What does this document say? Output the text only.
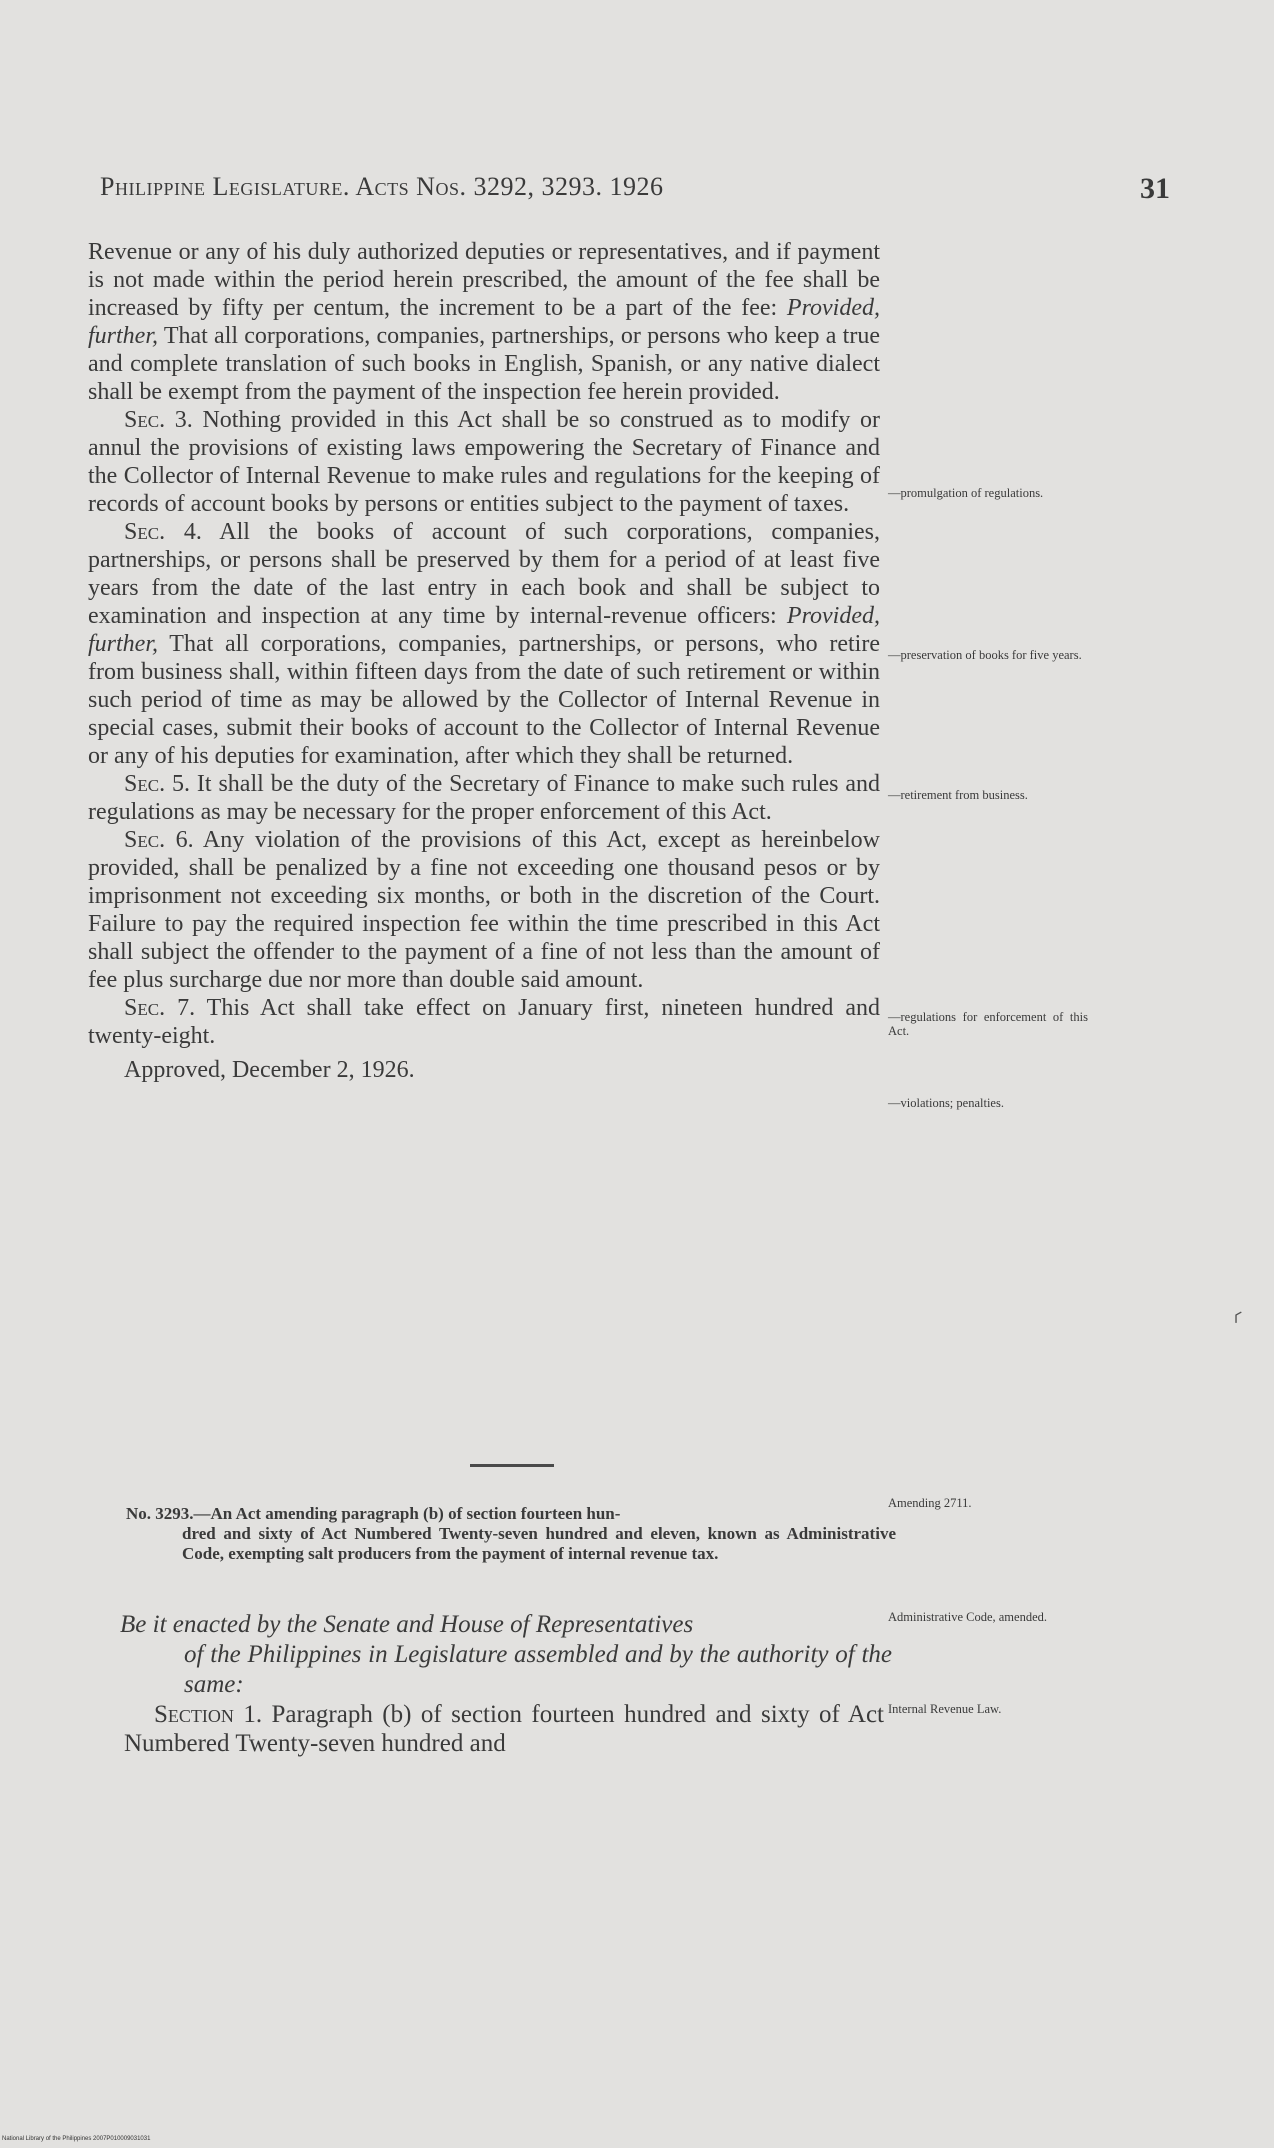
Philippine Legislature. Acts Nos. 3292, 3293. 1926	31

Revenue or any of his duly authorized deputies or representatives, and if payment is not made within the period herein prescribed, the amount of the fee shall be increased by fifty per centum, the increment to be a part of the fee: Provided, further, That all corporations, companies, partnerships, or persons who keep a true and complete translation of such books in English, Spanish, or any native dialect shall be exempt from the payment of the inspection fee herein provided.

Sec. 3. Nothing provided in this Act shall be so construed as to modify or annul the provisions of existing laws empowering the Secretary of Finance and the Collector of Internal Revenue to make rules and regulations for the keeping of records of account books by persons or entities subject to the payment of taxes.

Sec. 4. All the books of account of such corporations, companies, partnerships, or persons shall be preserved by them for a period of at least five years from the date of the last entry in each book and shall be subject to examination and inspection at any time by internal-revenue officers: Provided, further, That all corporations, companies, partnerships, or persons, who retire from business shall, within fifteen days from the date of such retirement or within such period of time as may be allowed by the Collector of Internal Revenue in special cases, submit their books of account to the Collector of Internal Revenue or any of his deputies for examination, after which they shall be returned.

Sec. 5. It shall be the duty of the Secretary of Finance to make such rules and regulations as may be necessary for the proper enforcement of this Act.

Sec. 6. Any violation of the provisions of this Act, except as hereinbelow provided, shall be penalized by a fine not exceeding one thousand pesos or by imprisonment not exceeding six months, or both in the discretion of the Court. Failure to pay the required inspection fee within the time prescribed in this Act shall subject the offender to the payment of a fine of not less than the amount of fee plus surcharge due nor more than double said amount.

Sec. 7. This Act shall take effect on January first, nineteen hundred and twenty-eight.

Approved, December 2, 1926.

—promulgation of regulations.
—preservation of books for five years.
—retirement from business.
—regulations for enforcement of this Act.
—violations; penalties.
No. 3293.—An Act amending paragraph (b) of section fourteen hun-
dred and sixty of Act Numbered Twenty-seven hundred and eleven, known as Administrative Code, exempting salt producers from the payment of internal revenue tax.
Amending 2711.
Be it enacted by the Senate and House of Representatives
of the Philippines in Legislature assembled and by the authority of the same:
Administrative Code, amended.
Section 1. Paragraph (b) of section fourteen hundred and sixty of Act Numbered Twenty-seven hundred and
Internal Revenue Law.
⸂
National Library of the Philippines 2007P010009031031
